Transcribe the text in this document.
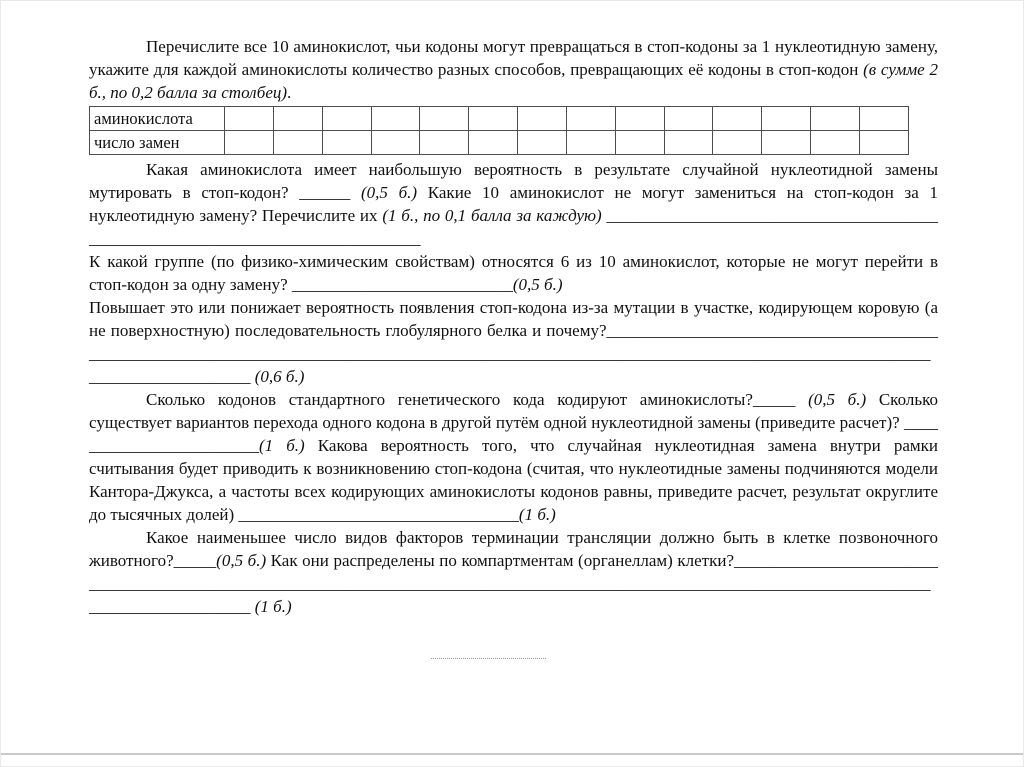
Перечислите все 10 аминокислот, чьи кодоны могут превращаться в стоп-кодоны за 1 нуклеотидную замену, укажите для каждой аминокислоты количество разных способов, превращающих её кодоны в стоп-кодон (в сумме 2 б., по 0,2 балла за столбец).

аминокислота														
число замен														

Какая аминокислота имеет наибольшую вероятность в результате случайной нуклеотидной замены мутировать в стоп-кодон? ______ (0,5 б.) Какие 10 аминокислот не могут замениться на стоп-кодон за 1 нуклеотидную замену? Перечислите их (1 б., по 0,1 балла за каждую) ______________________________________________________________________________

К какой группе (по физико-химическим свойствам) относятся 6 из 10 аминокислот, которые не могут перейти в стоп-кодон за одну замену? __________________________(0,5 б.)

Повышает это или понижает вероятность появления стоп-кодона из-за мутации в участке, кодирующем коровую (а не поверхностную) последовательность глобулярного белка и почему?_____________________________________________________________________________________________________________________________________________________________ (0,6 б.)

Сколько кодонов стандартного генетического кода кодируют аминокислоты?_____ (0,5 б.) Сколько существует вариантов перехода одного кодона в другой путём одной нуклеотидной замены (приведите расчет)? ________________________(1 б.) Какова вероятность того, что случайная нуклеотидная замена внутри рамки считывания будет приводить к возникновению стоп-кодона (считая, что нуклеотидные замены подчиняются модели Кантора-Джукса, а частоты всех кодирующих аминокислоты кодонов равны, приведите расчет, результат округлите до тысячных долей) _________________________________(1 б.)

Какое наименьшее число видов факторов терминации трансляции должно быть в клетке позвоночного животного?_____(0,5 б.) Как они распределены по компартментам (органеллам) клетки?______________________________________________________________________________________________________________________________________________ (1 б.)
